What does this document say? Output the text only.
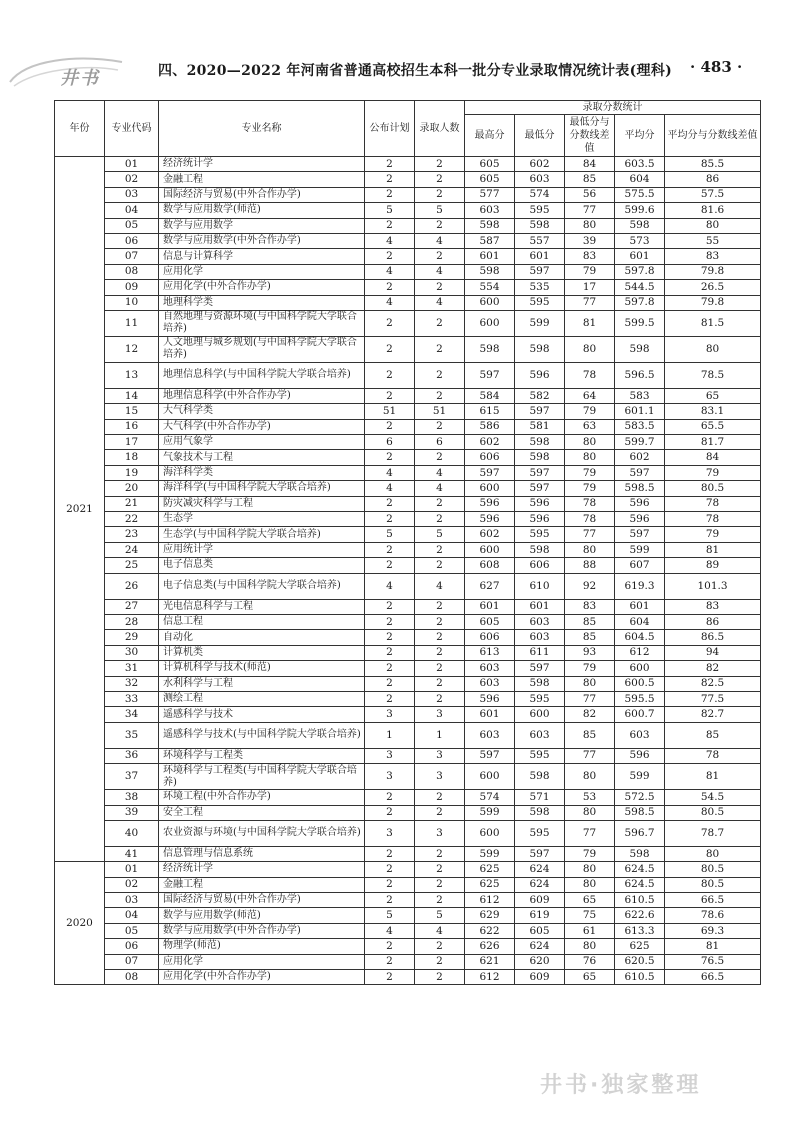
井书	四、2020—2022 年河南省普通高校招生本科一批分专业录取情况统计表(理科) · 483 ·
年份	专业代码	专业名称	公布计划	录取人数	录取分数统计				
					最高分	最低分	最低分与分数线差值	平均分	平均分与分数线差值
2021	01	经济统计学	2	2	605	602	84	603.5	85.5
	02	金融工程	2	2	605	603	85	604	86
	03	国际经济与贸易(中外合作办学)	2	2	577	574	56	575.5	57.5
	04	数学与应用数学(师范)	5	5	603	595	77	599.6	81.6
	05	数学与应用数学	2	2	598	598	80	598	80
	06	数学与应用数学(中外合作办学)	4	4	587	557	39	573	55
	07	信息与计算科学	2	2	601	601	83	601	83
	08	应用化学	4	4	598	597	79	597.8	79.8
	09	应用化学(中外合作办学)	2	2	554	535	17	544.5	26.5
	10	地理科学类	4	4	600	595	77	597.8	79.8
	11	自然地理与资源环境(与中国科学院大学联合培养)	2	2	600	599	81	599.5	81.5
	12	人文地理与城乡规划(与中国科学院大学联合培养)	2	2	598	598	80	598	80
	13	地理信息科学(与中国科学院大学联合培养)	2	2	597	596	78	596.5	78.5
	14	地理信息科学(中外合作办学)	2	2	584	582	64	583	65
	15	大气科学类	51	51	615	597	79	601.1	83.1
	16	大气科学(中外合作办学)	2	2	586	581	63	583.5	65.5
	17	应用气象学	6	6	602	598	80	599.7	81.7
	18	气象技术与工程	2	2	606	598	80	602	84
	19	海洋科学类	4	4	597	597	79	597	79
	20	海洋科学(与中国科学院大学联合培养)	4	4	600	597	79	598.5	80.5
	21	防灾减灾科学与工程	2	2	596	596	78	596	78
	22	生态学	2	2	596	596	78	596	78
	23	生态学(与中国科学院大学联合培养)	5	5	602	595	77	597	79
	24	应用统计学	2	2	600	598	80	599	81
	25	电子信息类	2	2	608	606	88	607	89
	26	电子信息类(与中国科学院大学联合培养)	4	4	627	610	92	619.3	101.3
	27	光电信息科学与工程	2	2	601	601	83	601	83
	28	信息工程	2	2	605	603	85	604	86
	29	自动化	2	2	606	603	85	604.5	86.5
	30	计算机类	2	2	613	611	93	612	94
	31	计算机科学与技术(师范)	2	2	603	597	79	600	82
	32	水利科学与工程	2	2	603	598	80	600.5	82.5
	33	测绘工程	2	2	596	595	77	595.5	77.5
	34	遥感科学与技术	3	3	601	600	82	600.7	82.7
	35	遥感科学与技术(与中国科学院大学联合培养)	1	1	603	603	85	603	85
	36	环境科学与工程类	3	3	597	595	77	596	78
	37	环境科学与工程类(与中国科学院大学联合培养)	3	3	600	598	80	599	81
	38	环境工程(中外合作办学)	2	2	574	571	53	572.5	54.5
	39	安全工程	2	2	599	598	80	598.5	80.5
	40	农业资源与环境(与中国科学院大学联合培养)	3	3	600	595	77	596.7	78.7
	41	信息管理与信息系统	2	2	599	597	79	598	80
2020	01	经济统计学	2	2	625	624	80	624.5	80.5
	02	金融工程	2	2	625	624	80	624.5	80.5
	03	国际经济与贸易(中外合作办学)	2	2	612	609	65	610.5	66.5
	04	数学与应用数学(师范)	5	5	629	619	75	622.6	78.6
	05	数学与应用数学(中外合作办学)	4	4	622	605	61	613.3	69.3
	06	物理学(师范)	2	2	626	624	80	625	81
	07	应用化学	2	2	621	620	76	620.5	76.5
	08	应用化学(中外合作办学)	2	2	612	609	65	610.5	66.5
井书·独家整理
